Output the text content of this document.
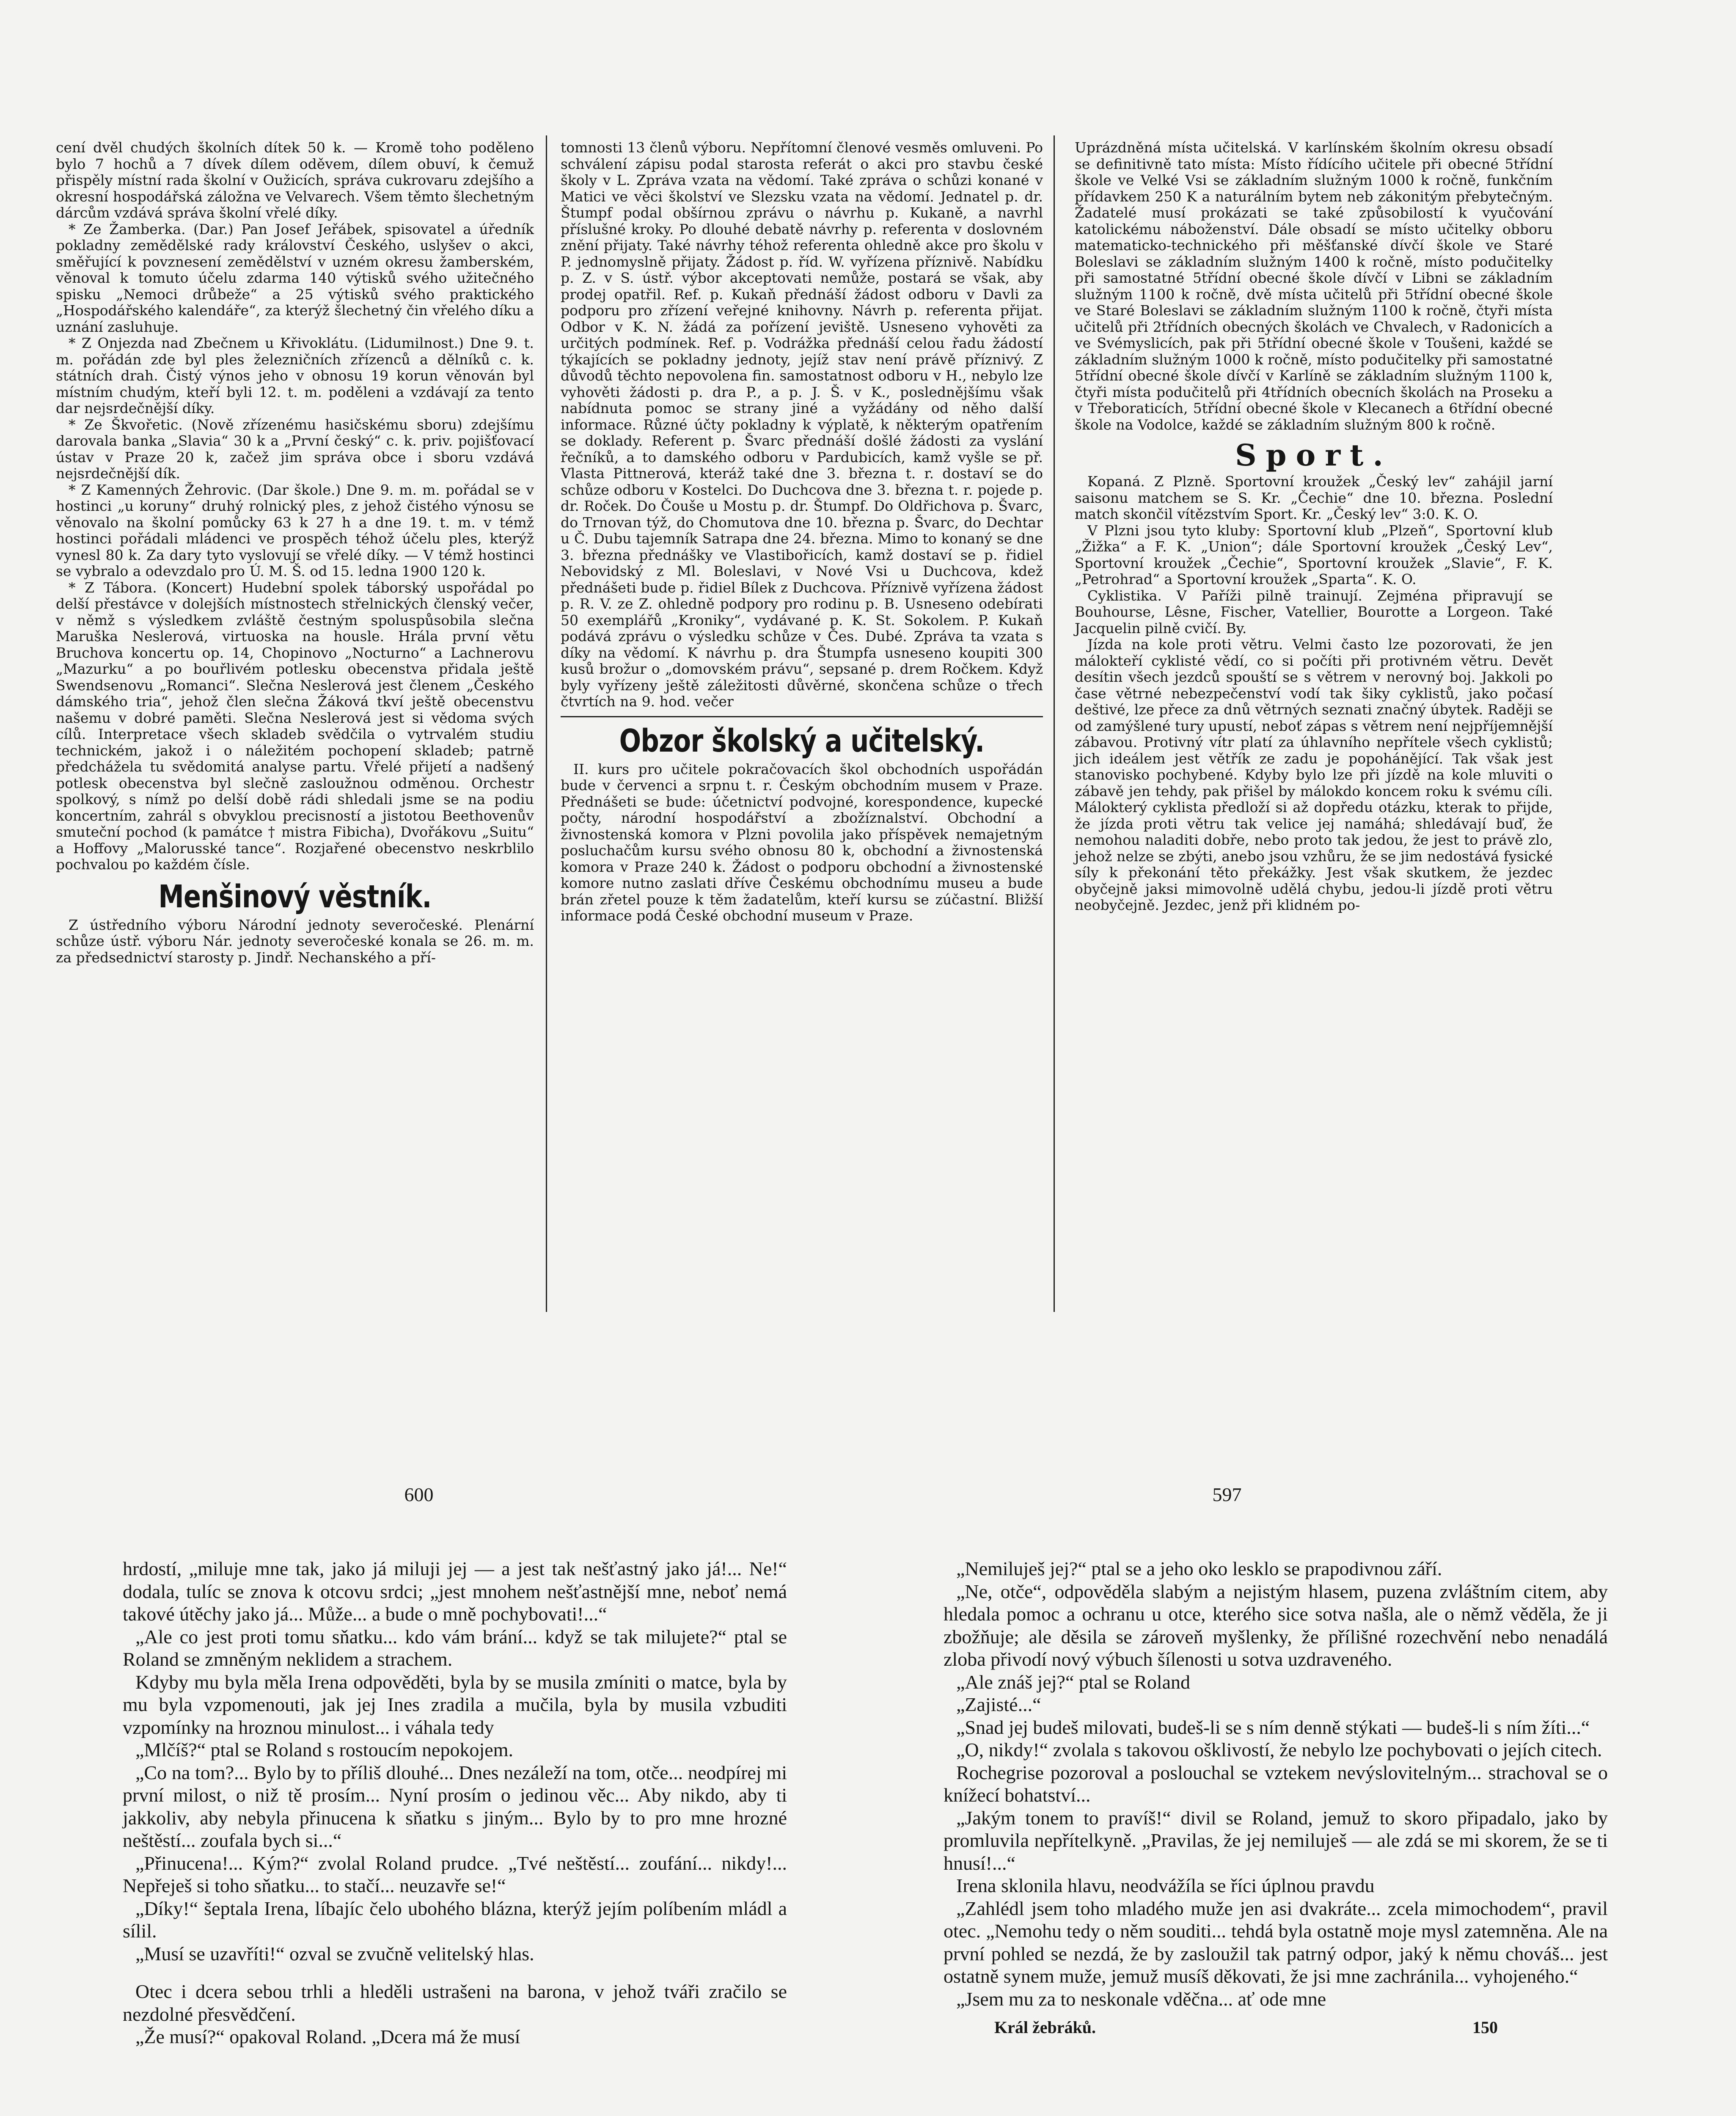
cení dvěl chudých školních dítek 50 k. — Kromě toho poděleno bylo 7 hochů a 7 dívek dílem oděvem, dílem obuví, k čemuž přispěly místní rada školní v Oužicích, správa cukrovaru zdejšího a okresní hospodářská záložna ve Velvarech. Všem těmto šlechetným dárcům vzdává správa školní vřelé díky.

* Ze Žamberka. (Dar.) Pan Josef Jeřábek, spisovatel a úředník pokladny zemědělské rady království Českého, uslyšev o akci, směřující k povznesení zemědělství v uzném okresu žamberském, věnoval k tomuto účelu zdarma 140 výtisků svého užitečného spisku „Nemoci drůbeže“ a 25 výtisků svého praktického „Hospodářského kalendáře“, za kterýž šlechetný čin vřelého díku a uznání zasluhuje.

* Z Onjezda nad Zbečnem u Křivoklátu. (Lidumilnost.) Dne 9. t. m. pořádán zde byl ples železničních zřízenců a dělníků c. k. státních drah. Čistý výnos jeho v obnosu 19 korun věnován byl místním chudým, kteří byli 12. t. m. poděleni a vzdávají za tento dar nejsrdečnější díky.

* Ze Škvořetic. (Nově zřízenému hasičskému sboru) zdejšímu darovala banka „Slavia“ 30 k a „První český“ c. k. priv. pojišťovací ústav v Praze 20 k, začež jim správa obce i sboru vzdává nejsrdečnější dík.

* Z Kamenných Žehrovic. (Dar škole.) Dne 9. m. m. pořádal se v hostinci „u koruny“ druhý rolnický ples, z jehož čistého výnosu se věnovalo na školní pomůcky 63 k 27 h a dne 19. t. m. v témž hostinci pořádali mládenci ve prospěch téhož účelu ples, kterýž vynesl 80 k. Za dary tyto vyslovují se vřelé díky. — V témž hostinci se vybralo a odevzdalo pro Ú. M. Š. od 15. ledna 1900 120 k.

* Z Tábora. (Koncert) Hudební spolek táborský uspořádal po delší přestávce v dolejších místnostech střelnických členský večer, v němž s výsledkem zvláště čestným spoluspůsobila slečna Maruška Neslerová, virtuoska na housle. Hrála první větu Bruchova koncertu op. 14, Chopinovo „Nocturno“ a Lachnerovu „Mazurku“ a po bouřlivém potlesku obecenstva přidala ještě Swendsenovu „Romanci“. Slečna Neslerová jest členem „Českého dámského tria“, jehož člen slečna Žáková tkví ještě obecenstvu našemu v dobré paměti. Slečna Neslerová jest si vědoma svých cílů. Interpretace všech skladeb svědčila o vytrvalém studiu technickém, jakož i o náležitém pochopení skladeb; patrně předchážela tu svědomitá analyse partu. Vřelé přijetí a nadšený potlesk obecenstva byl slečně zasloužnou odměnou. Orchestr spolkový, s nímž po delší době rádi shledali jsme se na podiu koncertním, zahrál s obvyklou precisností a jistotou Beethovenův smuteční pochod (k památce † mistra Fibicha), Dvořákovu „Suitu“ a Hoffovy „Malorusské tance“. Rozjařené obecenstvo neskrblilo pochvalou po každém čísle.

Menšinový věstník.

Z ústředního výboru Národní jednoty severočeské. Plenární schůze ústř. výboru Nár. jednoty severočeské konala se 26. m. m. za předsednictví starosty p. Jindř. Nechanského a pří-

tomnosti 13 členů výboru. Nepřítomní členové vesměs omluveni. Po schválení zápisu podal starosta referát o akci pro stavbu české školy v L. Zpráva vzata na vědomí. Také zpráva o schůzi konané v Matici ve věci školství ve Slezsku vzata na vědomí. Jednatel p. dr. Štumpf podal obšírnou zprávu o návrhu p. Kukaně, a navrhl příslušné kroky. Po dlouhé debatě návrhy p. referenta v doslovném znění přijaty. Také návrhy téhož referenta ohledně akce pro školu v P. jednomyslně přijaty. Žádost p. říd. W. vyřízena příznivě. Nabídku p. Z. v S. ústř. výbor akceptovati nemůže, postará se však, aby prodej opatřil. Ref. p. Kukaň přednáší žádost odboru v Davli za podporu pro zřízení veřejné knihovny. Návrh p. referenta přijat. Odbor v K. N. žádá za pořízení jeviště. Usneseno vyhověti za určitých podmínek. Ref. p. Vodrážka přednáší celou řadu žádostí týkajících se pokladny jednoty, jejíž stav není právě příznivý. Z důvodů těchto nepovolena fin. samostatnost odboru v H., nebylo lze vyhověti žádosti p. dra P., a p. J. Š. v K., poslednějšímu však nabídnuta pomoc se strany jiné a vyžádány od něho další informace. Různé účty pokladny k výplatě, k některým opatřením se doklady. Referent p. Švarc přednáší došlé žádosti za vyslání řečníků, a to damského odboru v Pardubicích, kamž vyšle se př. Vlasta Pittnerová, kteráž také dne 3. března t. r. dostaví se do schůze odboru v Kostelci. Do Duchcova dne 3. března t. r. pojede p. dr. Roček. Do Čouše u Mostu p. dr. Štumpf. Do Oldřichova p. Švarc, do Trnovan týž, do Chomutova dne 10. března p. Švarc, do Dechtar u Č. Dubu tajemník Satrapa dne 24. března. Mimo to konaný se dne 3. března přednášky ve Vlastibořicích, kamž dostaví se p. řidiel Nebovidský z Ml. Boleslavi, v Nové Vsi u Duchcova, kdež přednášeti bude p. řidiel Bílek z Duchcova. Příznivě vyřízena žádost p. R. V. ze Z. ohledně podpory pro rodinu p. B. Usneseno odebírati 50 exemplářů „Kroniky“, vydávané p. K. St. Sokolem. P. Kukaň podává zprávu o výsledku schůze v Čes. Dubé. Zpráva ta vzata s díky na vědomí. K návrhu p. dra Štumpfa usneseno koupiti 300 kusů brožur o „domovském právu“, sepsané p. drem Ročkem. Když byly vyřízeny ještě záležitosti důvěrné, skončena schůze o třech čtvrtích na 9. hod. večer

Obzor školský a učitelský.

II. kurs pro učitele pokračovacích škol obchodních uspořádán bude v červenci a srpnu t. r. Českým obchodním musem v Praze. Přednášeti se bude: účetnictví podvojné, korespondence, kupecké počty, národní hospodářství a zbožíznalství. Obchodní a živnostenská komora v Plzni povolila jako příspěvek nemajetným posluchačům kursu svého obnosu 80 k, obchodní a živnostenská komora v Praze 240 k. Žádost o podporu obchodní a živnostenské komore nutno zaslati dříve Českému obchodnímu museu a bude brán zřetel pouze k těm žadatelům, kteří kursu se zúčastní. Bližší informace podá České obchodní museum v Praze.

Uprázdněná místa učitelská. V karlínském školním okresu obsadí se definitivně tato místa: Místo řídícího učitele při obecné 5třídní škole ve Velké Vsi se základním služným 1000 k ročně, funkčním přídavkem 250 K a naturálním bytem neb zákonitým přebytečným. Žadatelé musí prokázati se také způsobilostí k vyučování katolickému náboženství. Dále obsadí se místo učitelky obboru matematicko-technického při měšťanské dívčí škole ve Staré Boleslavi se základním služným 1400 k ročně, místo podučitelky při samostatné 5třídní obecné škole dívčí v Libni se základním služným 1100 k ročně, dvě místa učitelů při 5třídní obecné škole ve Staré Boleslavi se základním služným 1100 k ročně, čtyři místa učitelů při 2třídních obecných školách ve Chvalech, v Radonicích a ve Svémyslicích, pak při 5třídní obecné škole v Toušeni, každé se základním služným 1000 k ročně, místo podučitelky při samostatné 5třídní obecné škole dívčí v Karlíně se základním služným 1100 k, čtyři místa podučitelů při 4třídních obecních školách na Proseku a v Třeboraticích, 5třídní obecné škole v Klecanech a 6třídní obecné škole na Vodolce, každé se základním služným 800 k ročně.

Sport.

Kopaná. Z Plzně. Sportovní kroužek „Český lev“ zahájil jarní saisonu matchem se S. Kr. „Čechie“ dne 10. března. Poslední match skončil vítězstvím Sport. Kr. „Český lev“ 3:0. K. O.

V Plzni jsou tyto kluby: Sportovní klub „Plzeň“, Sportovní klub „Žižka“ a F. K. „Union“; dále Sportovní kroužek „Český Lev“, Sportovní kroužek „Čechie“, Sportovní kroužek „Slavie“, F. K. „Petrohrad“ a Sportovní kroužek „Sparta“. K. O.

Cyklistika. V Paříži pilně trainují. Zejména připravují se Bouhourse, Lêsne, Fischer, Vatellier, Bourotte a Lorgeon. Také Jacquelin pilně cvičí. By.

Jízda na kole proti větru. Velmi často lze pozorovati, že jen málokteří cyklisté vědí, co si počíti při protivném větru. Devět desítin všech jezdců spouští se s větrem v nerovný boj. Jakkoli po čase větrné nebezpečenství vodí tak šiky cyklistů, jako počasí deštivé, lze přece za dnů větrných seznati značný úbytek. Raději se od zamýšlené tury upustí, neboť zápas s větrem není nejpříjemnější zábavou. Protivný vítr platí za úhlavního nepřítele všech cyklistů; jich ideálem jest větřík ze zadu je popohánějící. Tak však jest stanovisko pochybené. Kdyby bylo lze při jízdě na kole mluviti o zábavě jen tehdy, pak přišel by málokdo koncem roku k svému cíli. Málokterý cyklista předloží si až dopředu otázku, kterak to přijde, že jízda proti větru tak velice jej namáhá; shledávají buď, že nemohou naladiti dobře, nebo proto tak jedou, že jest to právě zlo, jehož nelze se zbýti, anebo jsou vzhůru, že se jim nedostává fysické síly k překonání těto překážky. Jest však skutkem, že jezdec obyčejně jaksi mimovolně udělá chybu, jedou-li jízdě proti větru neobyčejně. Jezdec, jenž při klidném po-

600	597

hrdostí, „miluje mne tak, jako já miluji jej — a jest tak nešťastný jako já!... Ne!“ dodala, tulíc se znova k otcovu srdci; „jest mnohem nešťastnější mne, neboť nemá takové útěchy jako já... Může... a bude o mně pochybovati!...“

„Ale co jest proti tomu sňatku... kdo vám brání... když se tak milujete?“ ptal se Roland se zmněným neklidem a strachem.

Kdyby mu byla měla Irena odpověděti, byla by se musila zmíniti o matce, byla by mu byla vzpomenouti, jak jej Ines zradila a mučila, byla by musila vzbuditi vzpomínky na hroznou minulost... i váhala tedy

„Mlčíš?“ ptal se Roland s rostoucím nepokojem.

„Co na tom?... Bylo by to příliš dlouhé... Dnes nezáleží na tom, otče... neodpírej mi první milost, o niž tě prosím... Nyní prosím o jedinou věc... Aby nikdo, aby ti jakkoliv, aby nebyla přinucena k sňatku s jiným... Bylo by to pro mne hrozné neštěstí... zoufala bych si...“

„Přinucena!... Kým?“ zvolal Roland prudce. „Tvé neštěstí... zoufání... nikdy!... Nepřeješ si toho sňatku... to stačí... neuzavře se!“

„Díky!“ šeptala Irena, líbajíc čelo ubohého blázna, kterýž jejím políbením mládl a sílil.

„Musí se uzavříti!“ ozval se zvučně velitelský hlas.

Otec i dcera sebou trhli a hleděli ustrašeni na barona, v jehož tváři zračilo se nezdolné přesvědčení.

„Že musí?“ opakoval Roland. „Dcera má že musí

„Nemiluješ jej?“ ptal se a jeho oko lesklo se prapodivnou září.

„Ne, otče“, odpověděla slabým a nejistým hlasem, puzena zvláštním citem, aby hledala pomoc a ochranu u otce, kterého sice sotva našla, ale o němž věděla, že ji zbožňuje; ale děsila se zároveň myšlenky, že přílišné rozechvění nebo nenadálá zloba přivodí nový výbuch šílenosti u sotva uzdraveného.

„Ale znáš jej?“ ptal se Roland

„Zajisté...“

„Snad jej budeš milovati, budeš-li se s ním denně stýkati — budeš-li s ním žíti...“

„O, nikdy!“ zvolala s takovou ošklivostí, že nebylo lze pochybovati o jejích citech.

Rochegrise pozoroval a poslouchal se vztekem nevýslovitelným... strachoval se o knížecí bohatství...

„Jakým tonem to pravíš!“ divil se Roland, jemuž to skoro připadalo, jako by promluvila nepřítelkyně. „Pravilas, že jej nemiluješ — ale zdá se mi skorem, že se ti hnusí!...“

Irena sklonila hlavu, neodvážíla se říci úplnou pravdu

„Zahlédl jsem toho mladého muže jen asi dvakráte... zcela mimochodem“, pravil otec. „Nemohu tedy o něm souditi... tehdá byla ostatně moje mysl zatemněna. Ale na první pohled se nezdá, že by zasloužil tak patrný odpor, jaký k němu chováš... jest ostatně synem muže, jemuž musíš děkovati, že jsi mne zachránila... vyhojeného.“

„Jsem mu za to neskonale vděčna... ať ode mne

Král žebráků.	150
